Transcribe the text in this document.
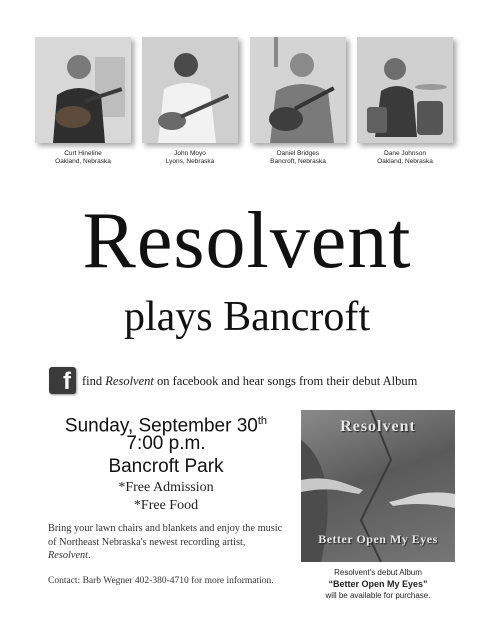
Curt Hineline
Oakland, Nebraska
John Moyo
Lyons, Nebraska
Daniel Bridges
Bancroft, Nebraska
Dane Johnson
Oakland, Nebraska
Resolvent
plays Bancroft
f find Resolvent on facebook and hear songs from their debut Album
Sunday, September 30th
7:00 p.m.
Bancroft Park
*Free Admission
*Free Food
Bring your lawn chairs and blankets and enjoy the music of Northeast Nebraska's newest recording artist, Resolvent.
Contact: Barb Wegner 402-380-4710 for more information.
Resolvent
Better Open My Eyes
Resolvent's debut Album
“Better Open My Eyes”
will be available for purchase.
